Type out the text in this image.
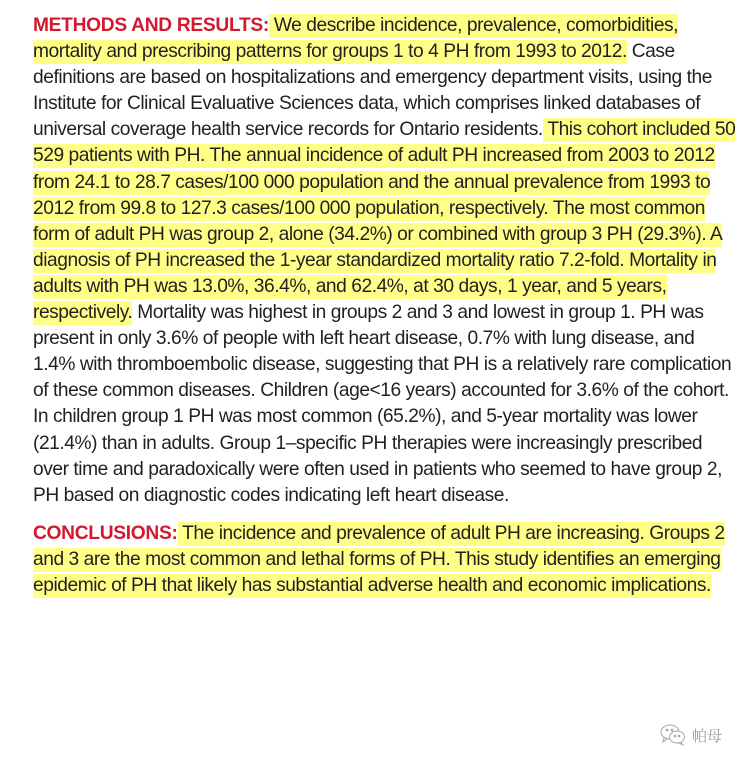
METHODS AND RESULTS: We describe incidence, prevalence, comorbidities, mortality and prescribing patterns for groups 1 to 4 PH from 1993 to 2012. Case definitions are based on hospitalizations and emergency department visits, using the Institute for Clinical Evaluative Sciences data, which comprises linked databases of universal coverage health service records for Ontario residents. This cohort included 50 529 patients with PH. The annual incidence of adult PH increased from 2003 to 2012 from 24.1 to 28.7 cases/100 000 population and the annual prevalence from 1993 to 2012 from 99.8 to 127.3 cases/100 000 population, respectively. The most common form of adult PH was group 2, alone (34.2%) or combined with group 3 PH (29.3%). A diagnosis of PH increased the 1-year standardized mortality ratio 7.2-fold. Mortality in adults with PH was 13.0%, 36.4%, and 62.4%, at 30 days, 1 year, and 5 years, respectively. Mortality was highest in groups 2 and 3 and lowest in group 1. PH was present in only 3.6% of people with left heart disease, 0.7% with lung disease, and 1.4% with thromboembolic disease, suggesting that PH is a relatively rare complication of these common diseases. Children (age<16 years) accounted for 3.6% of the cohort. In children group 1 PH was most common (65.2%), and 5-year mortality was lower (21.4%) than in adults. Group 1–specific PH therapies were increasingly prescribed over time and paradoxically were often used in patients who seemed to have group 2, PH based on diagnostic codes indicating left heart disease.

CONCLUSIONS: The incidence and prevalence of adult PH are increasing. Groups 2 and 3 are the most common and lethal forms of PH. This study identifies an emerging epidemic of PH that likely has substantial adverse health and economic implications.

帕母
